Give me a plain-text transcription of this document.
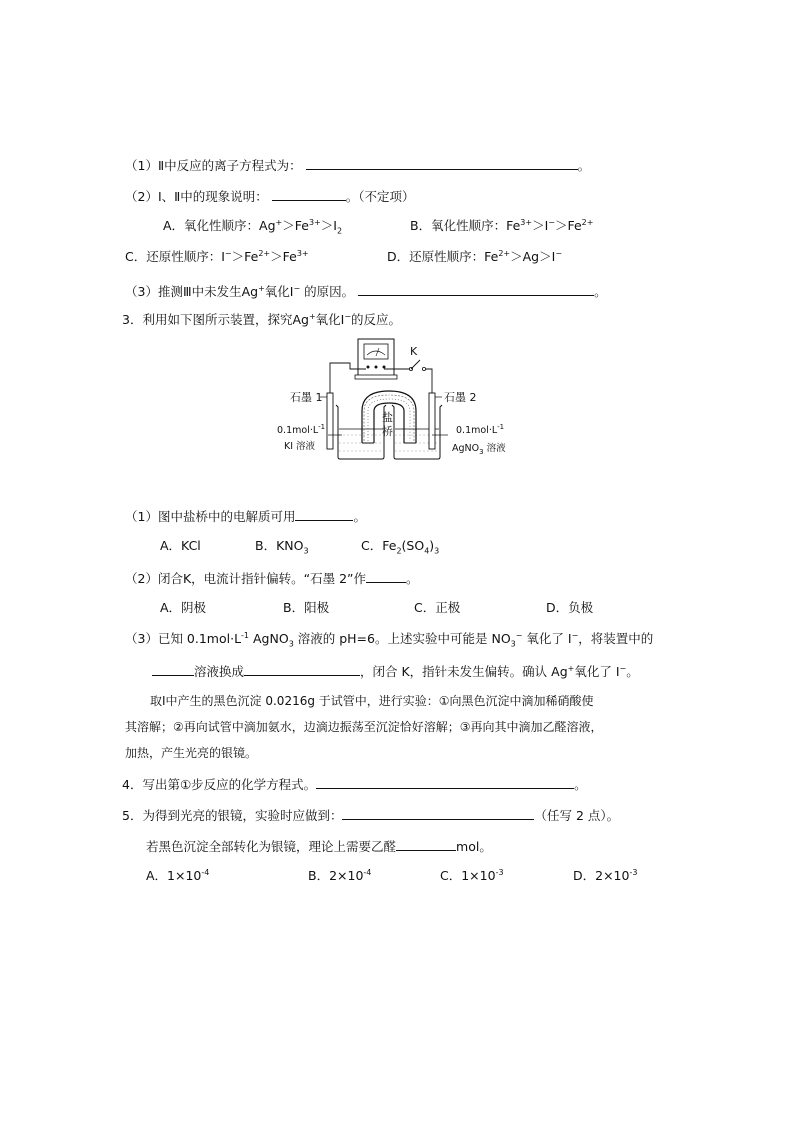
（1）Ⅱ中反应的离子方程式为：	。
（2）Ⅰ、Ⅱ中的现象说明：	。（不定项）
A．氧化性顺序：$Ag^+>Fe^{3+}>I_2$	B．氧化性顺序：$Fe^{3+}>I^->Fe^{2+}$
C．还原性顺序：$I^->Fe^{2+}>Fe^{3+}$	D．还原性顺序：$Fe^{2+}>Ag>I^-$
（3）推测Ⅲ中未发生Ag+氧化I− 的原因。	。
3．利用如下图所示装置，探究Ag+氧化I−的反应。
K
盐
桥
石墨 1	石墨 2
$0.1mol\cdot L^{-1}$
KI 溶液
$0.1mol\cdot L^{-1}$
AgNO$_3$ 溶液
（1）图中盐桥中的电解质可用	。
A．KCl	B．$KNO_3$	C．$Fe_2(SO_4)_3$
（2）闭合K，电流计指针偏转。“石墨 2”作	。
A．阴极	B．阳极	C．正极	D．负极
（3）已知 $0.1mol\cdot L^{-1}$ AgNO$_3$ 溶液的 pH=6。上述实验中可能是 $NO_3^-$ 氧化了 I−，将装置中的
溶液换成	，闭合 K，指针未发生偏转。确认 Ag+氧化了 I−。
取Ⅰ中产生的黑色沉淀 0.0216g 于试管中，进行实验：①向黑色沉淀中滴加稀硝酸使
其溶解；②再向试管中滴加氨水，边滴边振荡至沉淀恰好溶解；③再向其中滴加乙醛溶液，
加热，产生光亮的银镜。
4．写出第①步反应的化学方程式。	。
5．为得到光亮的银镜，实验时应做到：	（任写 2 点）。
若黑色沉淀全部转化为银镜，理论上需要乙醛	mol。
A．$1\times 10^{-4}$	B．$2\times 10^{-4}$	C．$1\times 10^{-3}$	D．$2\times 10^{-3}$
